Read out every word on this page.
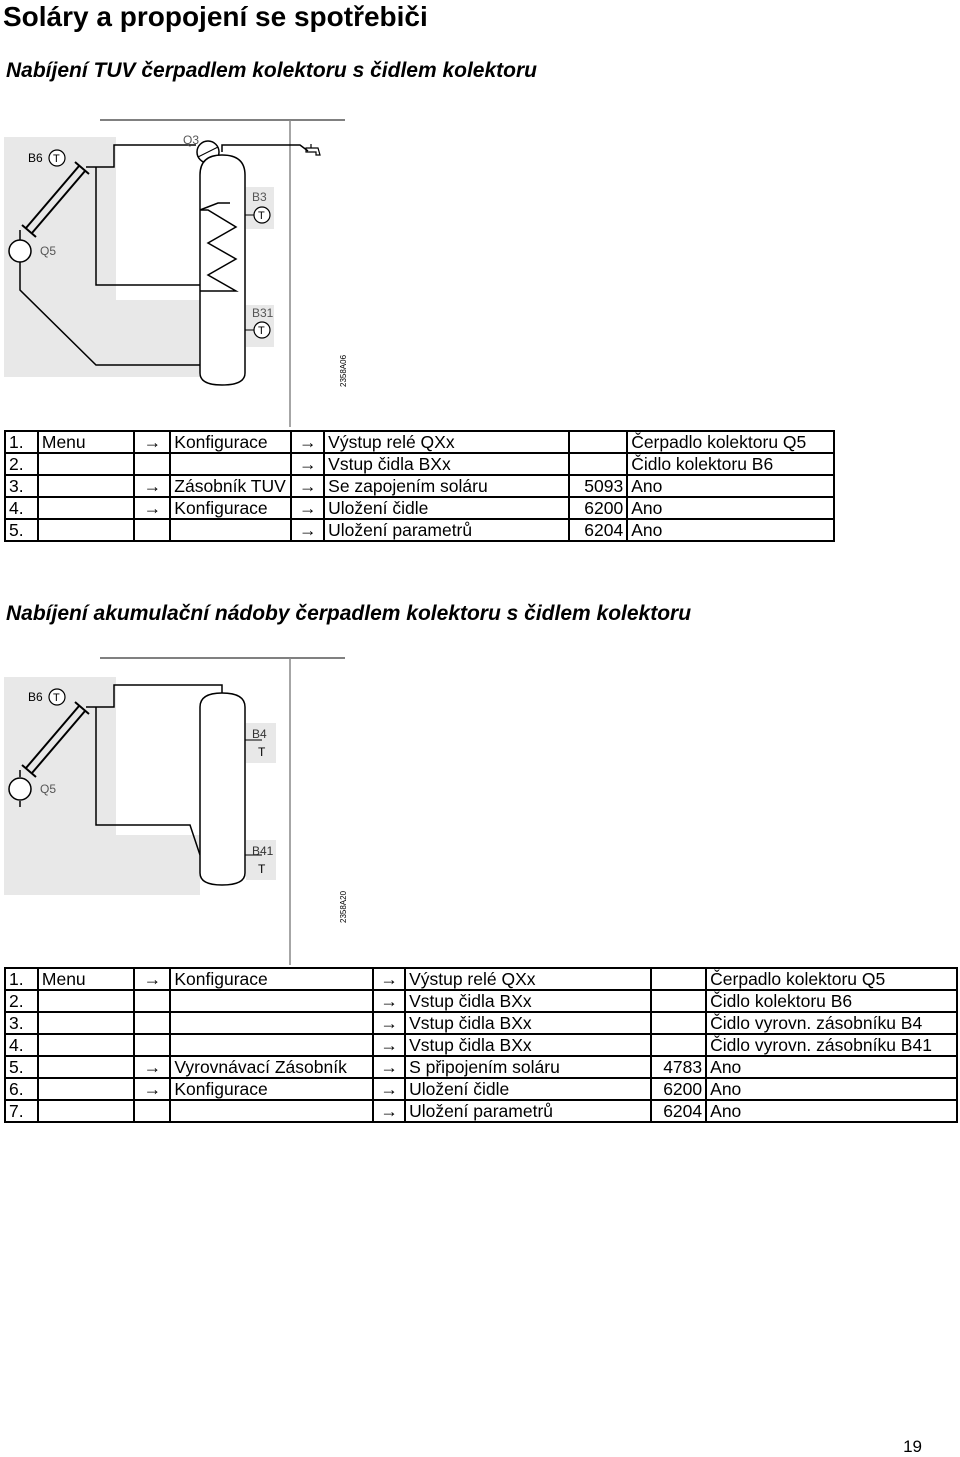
Soláry a propojení se spotřebiči
Nabíjení TUV čerpadlem kolektoru s čidlem kolektoru
B6 T
Q3
B3
T
Q5
B31
T
2358A06
1.	Menu	→	Konfigurace	→	Výstup relé QXx		Čerpadlo kolektoru Q5
2.				→	Vstup čidla BXx		Čidlo kolektoru B6
3.		→	Zásobník TUV	→	Se zapojením soláru	5093	Ano
4.		→	Konfigurace	→	Uložení čidle	6200	Ano
5.				→	Uložení parametrů	6204	Ano
Nabíjení akumulační nádoby čerpadlem kolektoru s čidlem kolektoru
B6 T
B4
T
Q5
B41
T
2358A20
1.	Menu	→	Konfigurace	→	Výstup relé QXx		Čerpadlo kolektoru Q5
2.				→	Vstup čidla BXx		Čidlo kolektoru B6
3.				→	Vstup čidla BXx		Čidlo vyrovn. zásobníku B4
4.				→	Vstup čidla BXx		Čidlo vyrovn. zásobníku B41
5.		→	Vyrovnávací Zásobník	→	S připojením soláru	4783	Ano
6.		→	Konfigurace	→	Uložení čidle	6200	Ano
7.				→	Uložení parametrů	6204	Ano
19
